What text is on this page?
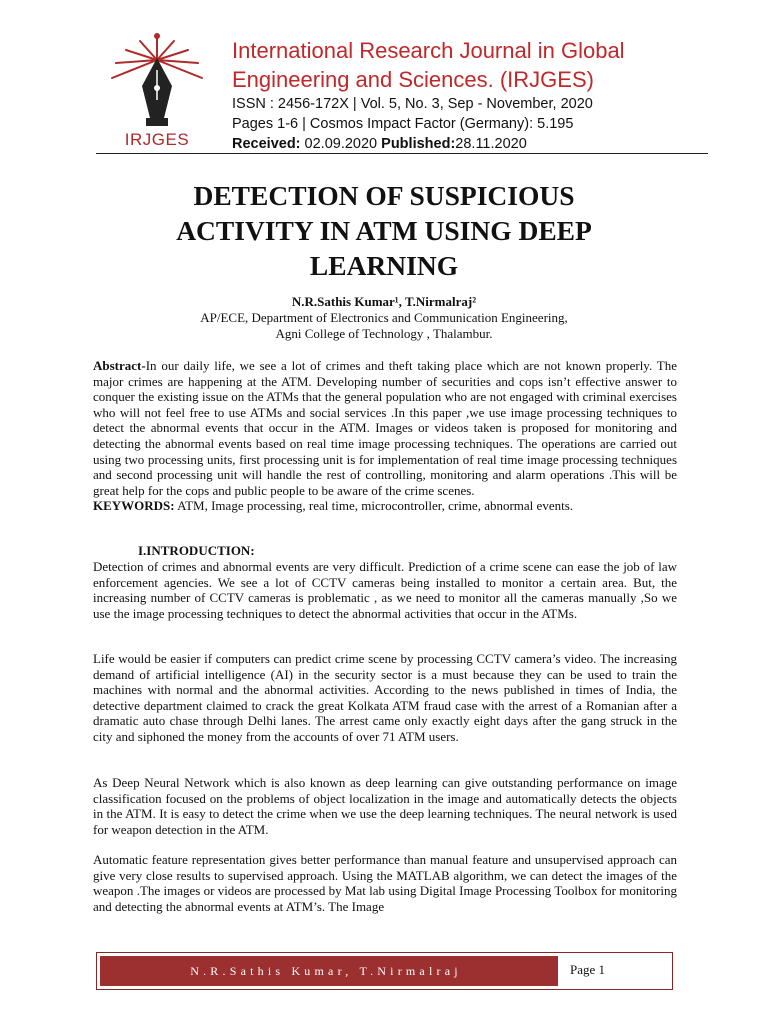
IRJGES
International Research Journal in Global
Engineering and Sciences. (IRJGES)
ISSN : 2456-172X | Vol. 5, No. 3, Sep - November, 2020
Pages 1-6 | Cosmos Impact Factor (Germany): 5.195
Received: 02.09.2020 Published:28.11.2020
DETECTION OF SUSPICIOUS
ACTIVITY IN ATM USING DEEP
LEARNING
N.R.Sathis Kumar¹, T.Nirmalraj²
AP/ECE, Department of Electronics and Communication Engineering,
Agni College of Technology , Thalambur.
Abstract-In our daily life, we see a lot of crimes and theft taking place which are not known properly. The major crimes are happening at the ATM. Developing number of securities and cops isn’t effective answer to conquer the existing issue on the ATMs that the general population who are not engaged with criminal exercises who will not feel free to use ATMs and social services .In this paper ,we use image processing techniques to detect the abnormal events that occur in the ATM. Images or videos taken is proposed for monitoring and detecting the abnormal events based on real time image processing techniques. The operations are carried out using two processing units, first processing unit is for implementation of real time image processing techniques and second processing unit will handle the rest of controlling, monitoring and alarm operations .This will be great help for the cops and public people to be aware of the crime scenes.
KEYWORDS: ATM, Image processing, real time, microcontroller, crime, abnormal events.
I.INTRODUCTION:
Detection of crimes and abnormal events are very difficult. Prediction of a crime scene can ease the job of law enforcement agencies. We see a lot of CCTV cameras being installed to monitor a certain area. But, the increasing number of CCTV cameras is problematic , as we need to monitor all the cameras manually ,So we use the image processing techniques to detect the abnormal activities that occur in the ATMs.
Life would be easier if computers can predict crime scene by processing CCTV camera’s video. The increasing demand of artificial intelligence (AI) in the security sector is a must because they can be used to train the machines with normal and the abnormal activities. According to the news published in times of India, the detective department claimed to crack the great Kolkata ATM fraud case with the arrest of a Romanian after a dramatic auto chase through Delhi lanes. The arrest came only exactly eight days after the gang struck in the city and siphoned the money from the accounts of over 71 ATM users.
As Deep Neural Network which is also known as deep learning can give outstanding performance on image classification focused on the problems of object localization in the image and automatically detects the objects in the ATM. It is easy to detect the crime when we use the deep learning techniques. The neural network is used for weapon detection in the ATM.
Automatic feature representation gives better performance than manual feature and unsupervised approach can give very close results to supervised approach. Using the MATLAB algorithm, we can detect the images of the weapon .The images or videos are processed by Mat lab using Digital Image Processing Toolbox for monitoring and detecting the abnormal events at ATM’s. The Image
N.R.Sathis Kumar, T.Nirmalraj	Page 1
